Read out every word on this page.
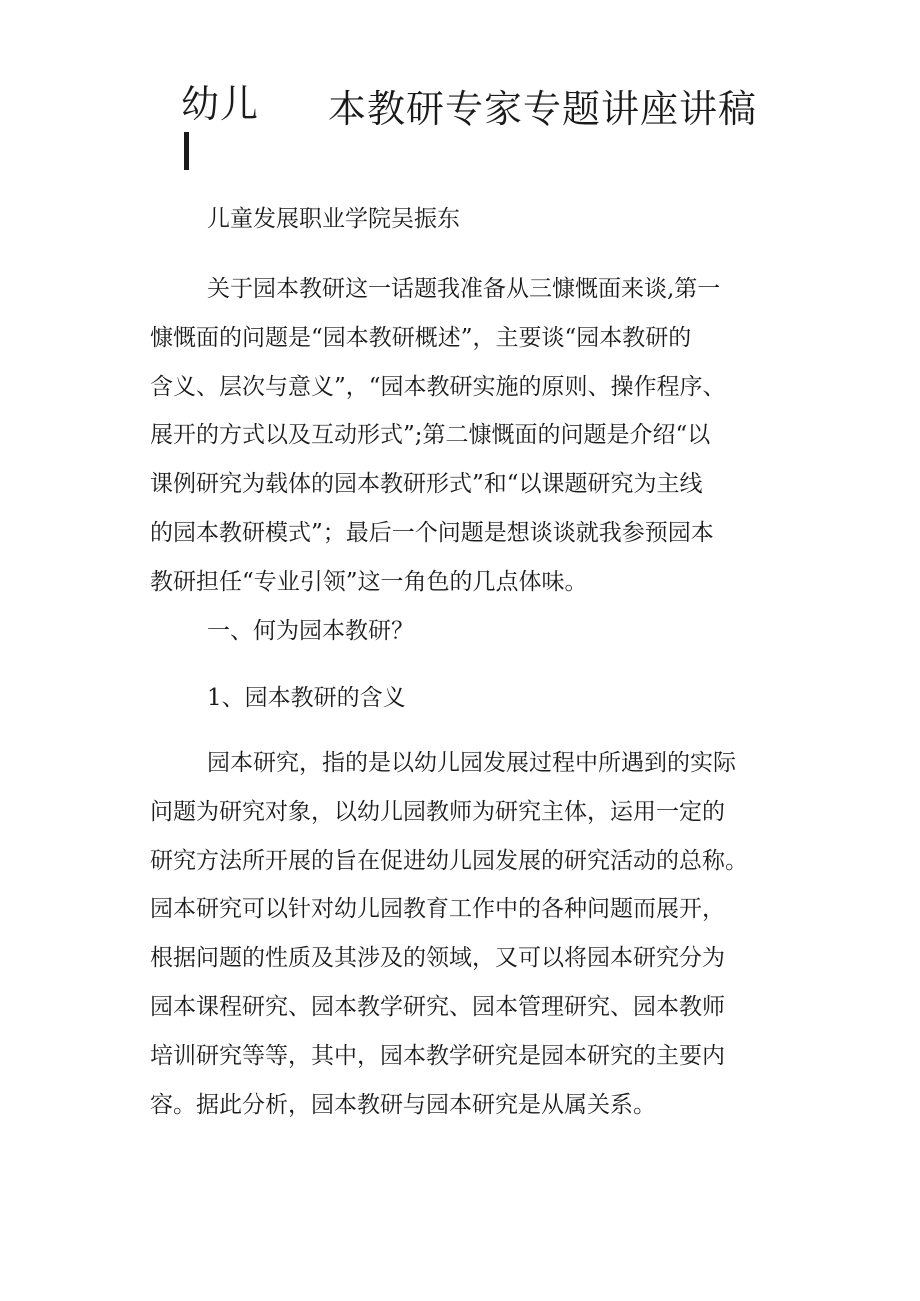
幼儿 本教研专家专题讲座讲稿
儿童发展职业学院吴振东
关于园本教研这一话题我准备从三慷慨面来谈,第一
慷慨面的问题是“园本教研概述”，主要谈“园本教研的
含义、层次与意义”，“园本教研实施的原则、操作程序、
展开的方式以及互动形式”;第二慷慨面的问题是介绍“以
课例研究为载体的园本教研形式”和“以课题研究为主线
的园本教研模式”；最后一个问题是想谈谈就我参预园本
教研担任“专业引领”这一角色的几点体味。
一、何为园本教研？
1、园本教研的含义
园本研究，指的是以幼儿园发展过程中所遇到的实际
问题为研究对象，以幼儿园教师为研究主体，运用一定的
研究方法所开展的旨在促进幼儿园发展的研究活动的总称。
园本研究可以针对幼儿园教育工作中的各种问题而展开，
根据问题的性质及其涉及的领域，又可以将园本研究分为
园本课程研究、园本教学研究、园本管理研究、园本教师
培训研究等等，其中，园本教学研究是园本研究的主要内
容。据此分析，园本教研与园本研究是从属关系。
